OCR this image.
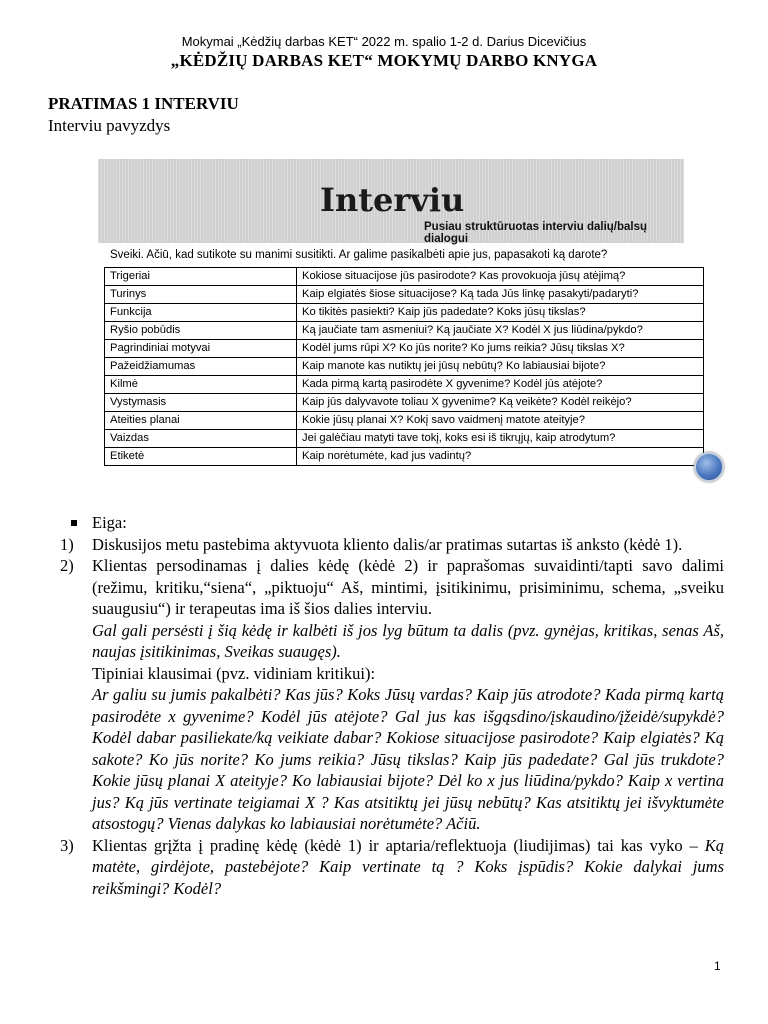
Mokymai „Kėdžių darbas KET“ 2022 m. spalio 1-2 d. Darius Dicevičius
„KĖDŽIŲ DARBAS KET“ MOKYMŲ DARBO KNYGA
PRATIMAS 1 INTERVIU
Interviu pavyzdys
Interviu
Pusiau struktūruotas interviu dalių/balsų dialogui
Sveiki. Ačiū, kad sutikote su manimi susitikti. Ar galime pasikalbėti apie jus, papasakoti ką darote?
Trigeriai	Kokiose situacijose jūs pasirodote? Kas provokuoja jūsų atėjimą?
Turinys	Kaip elgiatės šiose situacijose? Ką tada Jūs linkę pasakyti/padaryti?
Funkcija	Ko tikitės pasiekti? Kaip jūs padedate? Koks jūsų tikslas?
Ryšio pobūdis	Ką jaučiate tam asmeniui? Ką jaučiate X? Kodėl X jus liūdina/pykdo?
Pagrindiniai motyvai	Kodėl jums rūpi X? Ko jūs norite? Ko jums reikia? Jūsų tikslas X?
Pažeidžiamumas	Kaip manote kas nutiktų jei jūsų nebūtų? Ko labiausiai bijote?
Kilmė	Kada pirmą kartą pasirodėte X gyvenime? Kodėl jūs atėjote?
Vystymasis	Kaip jūs dalyvavote toliau X gyvenime? Ką veikėte? Kodėl reikėjo?
Ateities planai	Kokie jūsų planai X? Kokį savo vaidmenį matote ateityje?
Vaizdas	Jei galėčiau matyti tave tokį, koks esi iš tikrųjų, kaip atrodytum?
Etiketė	Kaip norėtumėte, kad jus vadintų?
Eiga:
1) Diskusijos metu pastebima aktyvuota kliento dalis/ar pratimas sutartas iš anksto (kėdė 1).
2) Klientas persodinamas į dalies kėdę (kėdė 2) ir paprašomas suvaidinti/tapti savo dalimi (režimu, kritiku,“siena“, „piktuoju“ Aš, mintimi, įsitikinimu, prisiminimu, schema, „sveiku suaugusiu“) ir terapeutas ima iš šios dalies interviu.
Gal gali persėsti į šią kėdę ir kalbėti iš jos lyg būtum ta dalis (pvz. gynėjas, kritikas, senas Aš, naujas įsitikinimas, Sveikas suaugęs).
Tipiniai klausimai (pvz. vidiniam kritikui):
Ar galiu su jumis pakalbėti? Kas jūs? Koks Jūsų vardas? Kaip jūs atrodote? Kada pirmą kartą pasirodėte x gyvenime? Kodėl jūs atėjote? Gal jus kas išgąsdino/įskaudino/įžeidė/supykdė? Kodėl dabar pasiliekate/ką veikiate dabar? Kokiose situacijose pasirodote? Kaip elgiatės? Ką sakote? Ko jūs norite? Ko jums reikia? Jūsų tikslas? Kaip jūs padedate? Gal jūs trukdote? Kokie jūsų planai X ateityje? Ko labiausiai bijote? Dėl ko x jus liūdina/pykdo? Kaip x vertina jus? Ką jūs vertinate teigiamai X ? Kas atsitiktų jei jūsų nebūtų? Kas atsitiktų jei išvyktumėte atsostogų? Vienas dalykas ko labiausiai norėtumėte? Ačiū.
3) Klientas grįžta į pradinę kėdę (kėdė 1) ir aptaria/reflektuoja (liudijimas) tai kas vyko – Ką matėte, girdėjote, pastebėjote? Kaip vertinate tą ? Koks įspūdis? Kokie dalykai jums reikšmingi? Kodėl?
1
